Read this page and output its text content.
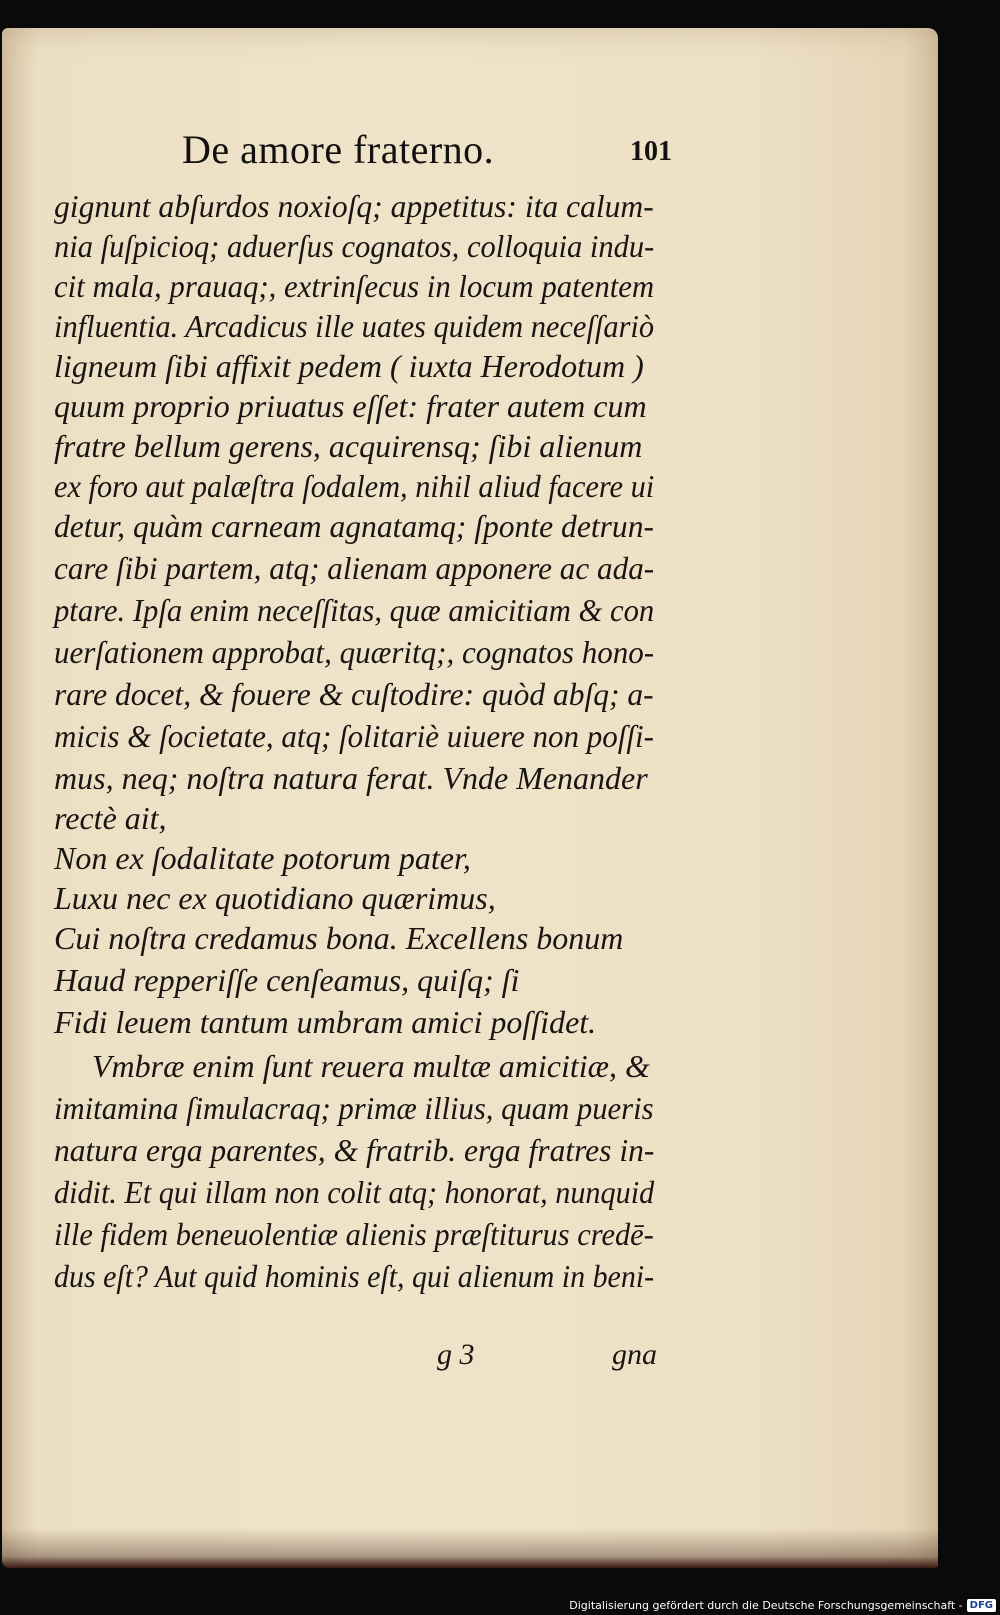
De amore fraterno.	101
gignunt abſurdos noxioſq; appetitus: ita calum-
nia ſuſpicioq; aduerſus cognatos, colloquia indu-
cit mala, prauaq;, extrinſecus in locum patentem
influentia. Arcadicus ille uates quidem neceſſariò
ligneum ſibi affixit pedem ( iuxta Herodotum )
quum proprio priuatus eſſet: frater autem cum
fratre bellum gerens, acquirensq; ſibi alienum
ex foro aut palæſtra ſodalem, nihil aliud facere ui
detur, quàm carneam agnatamq; ſponte detrun-
care ſibi partem, atq; alienam apponere ac ada-
ptare. Ipſa enim neceſſitas, quæ amicitiam & con
uerſationem approbat, quæritq;, cognatos hono-
rare docet, & fouere & cuſtodire: quòd abſq; a-
micis & ſocietate, atq; ſolitariè uiuere non poſſi-
mus, neq; noſtra natura ferat. Vnde Menander
rectè ait,
Non ex ſodalitate potorum pater,
Luxu nec ex quotidiano quærimus,
Cui noſtra credamus bona. Excellens bonum
Haud repperiſſe cenſeamus, quiſq; ſi
Fidi leuem tantum umbram amici poſſidet.
Vmbræ enim ſunt reuera multæ amicitiæ, &
imitamina ſimulacraq; primæ illius, quam pueris
natura erga parentes, & fratrib. erga fratres in-
didit. Et qui illam non colit atq; honorat, nunquid
ille fidem beneuolentiæ alienis præſtiturus credē-
dus eſt? Aut quid hominis eſt, qui alienum in beni-
g 3	gna
Digitalisierung gefördert durch die Deutsche Forschungsgemeinschaft - DFG
